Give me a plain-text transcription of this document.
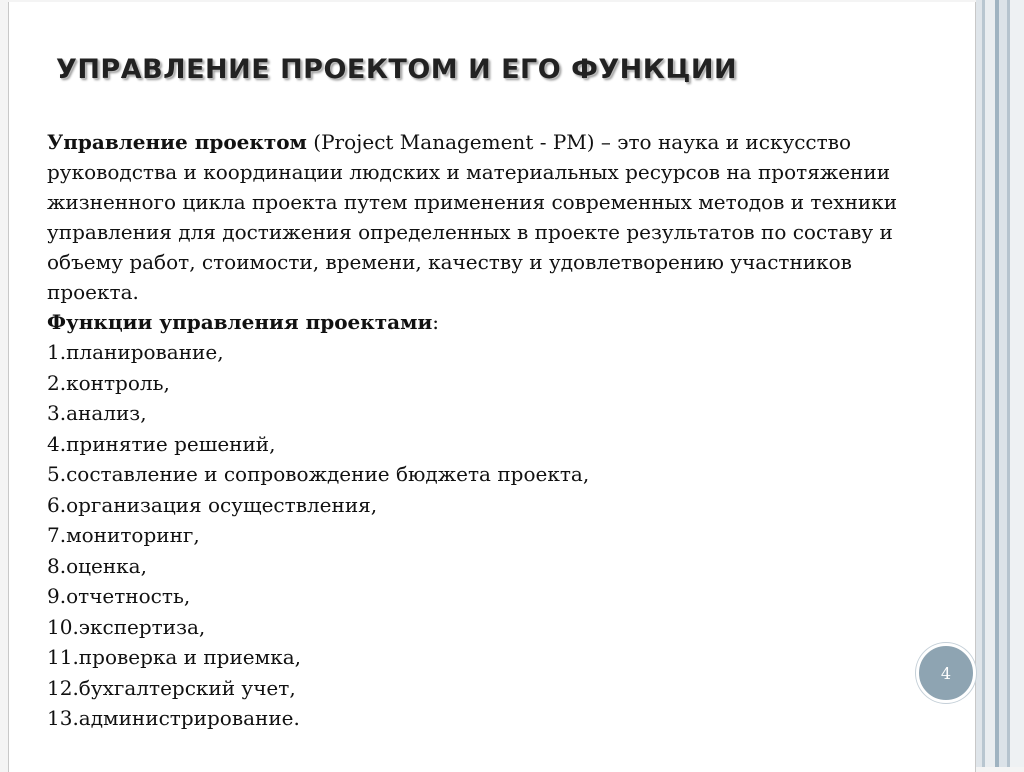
УПРАВЛЕНИЕ ПРОЕКТОМ И ЕГО ФУНКЦИИ

Управление проектом (Project Management - PM) – это наука и искусство руководства и координации людских и материальных ресурсов на протяжении жизненного цикла проекта путем применения современных методов и техники управления для достижения определенных в проекте результатов по составу и объему работ, стоимости, времени, качеству и удовлетворению участников проекта.

Функции управления проектами:

1.планирование,
2.контроль,
3.анализ,
4.принятие решений,
5.составление и сопровождение бюджета проекта,
6.организация осуществления,
7.мониторинг,
8.оценка,
9.отчетность,
10.экспертиза,
11.проверка и приемка,
12.бухгалтерский учет,
13.администрирование.
4
